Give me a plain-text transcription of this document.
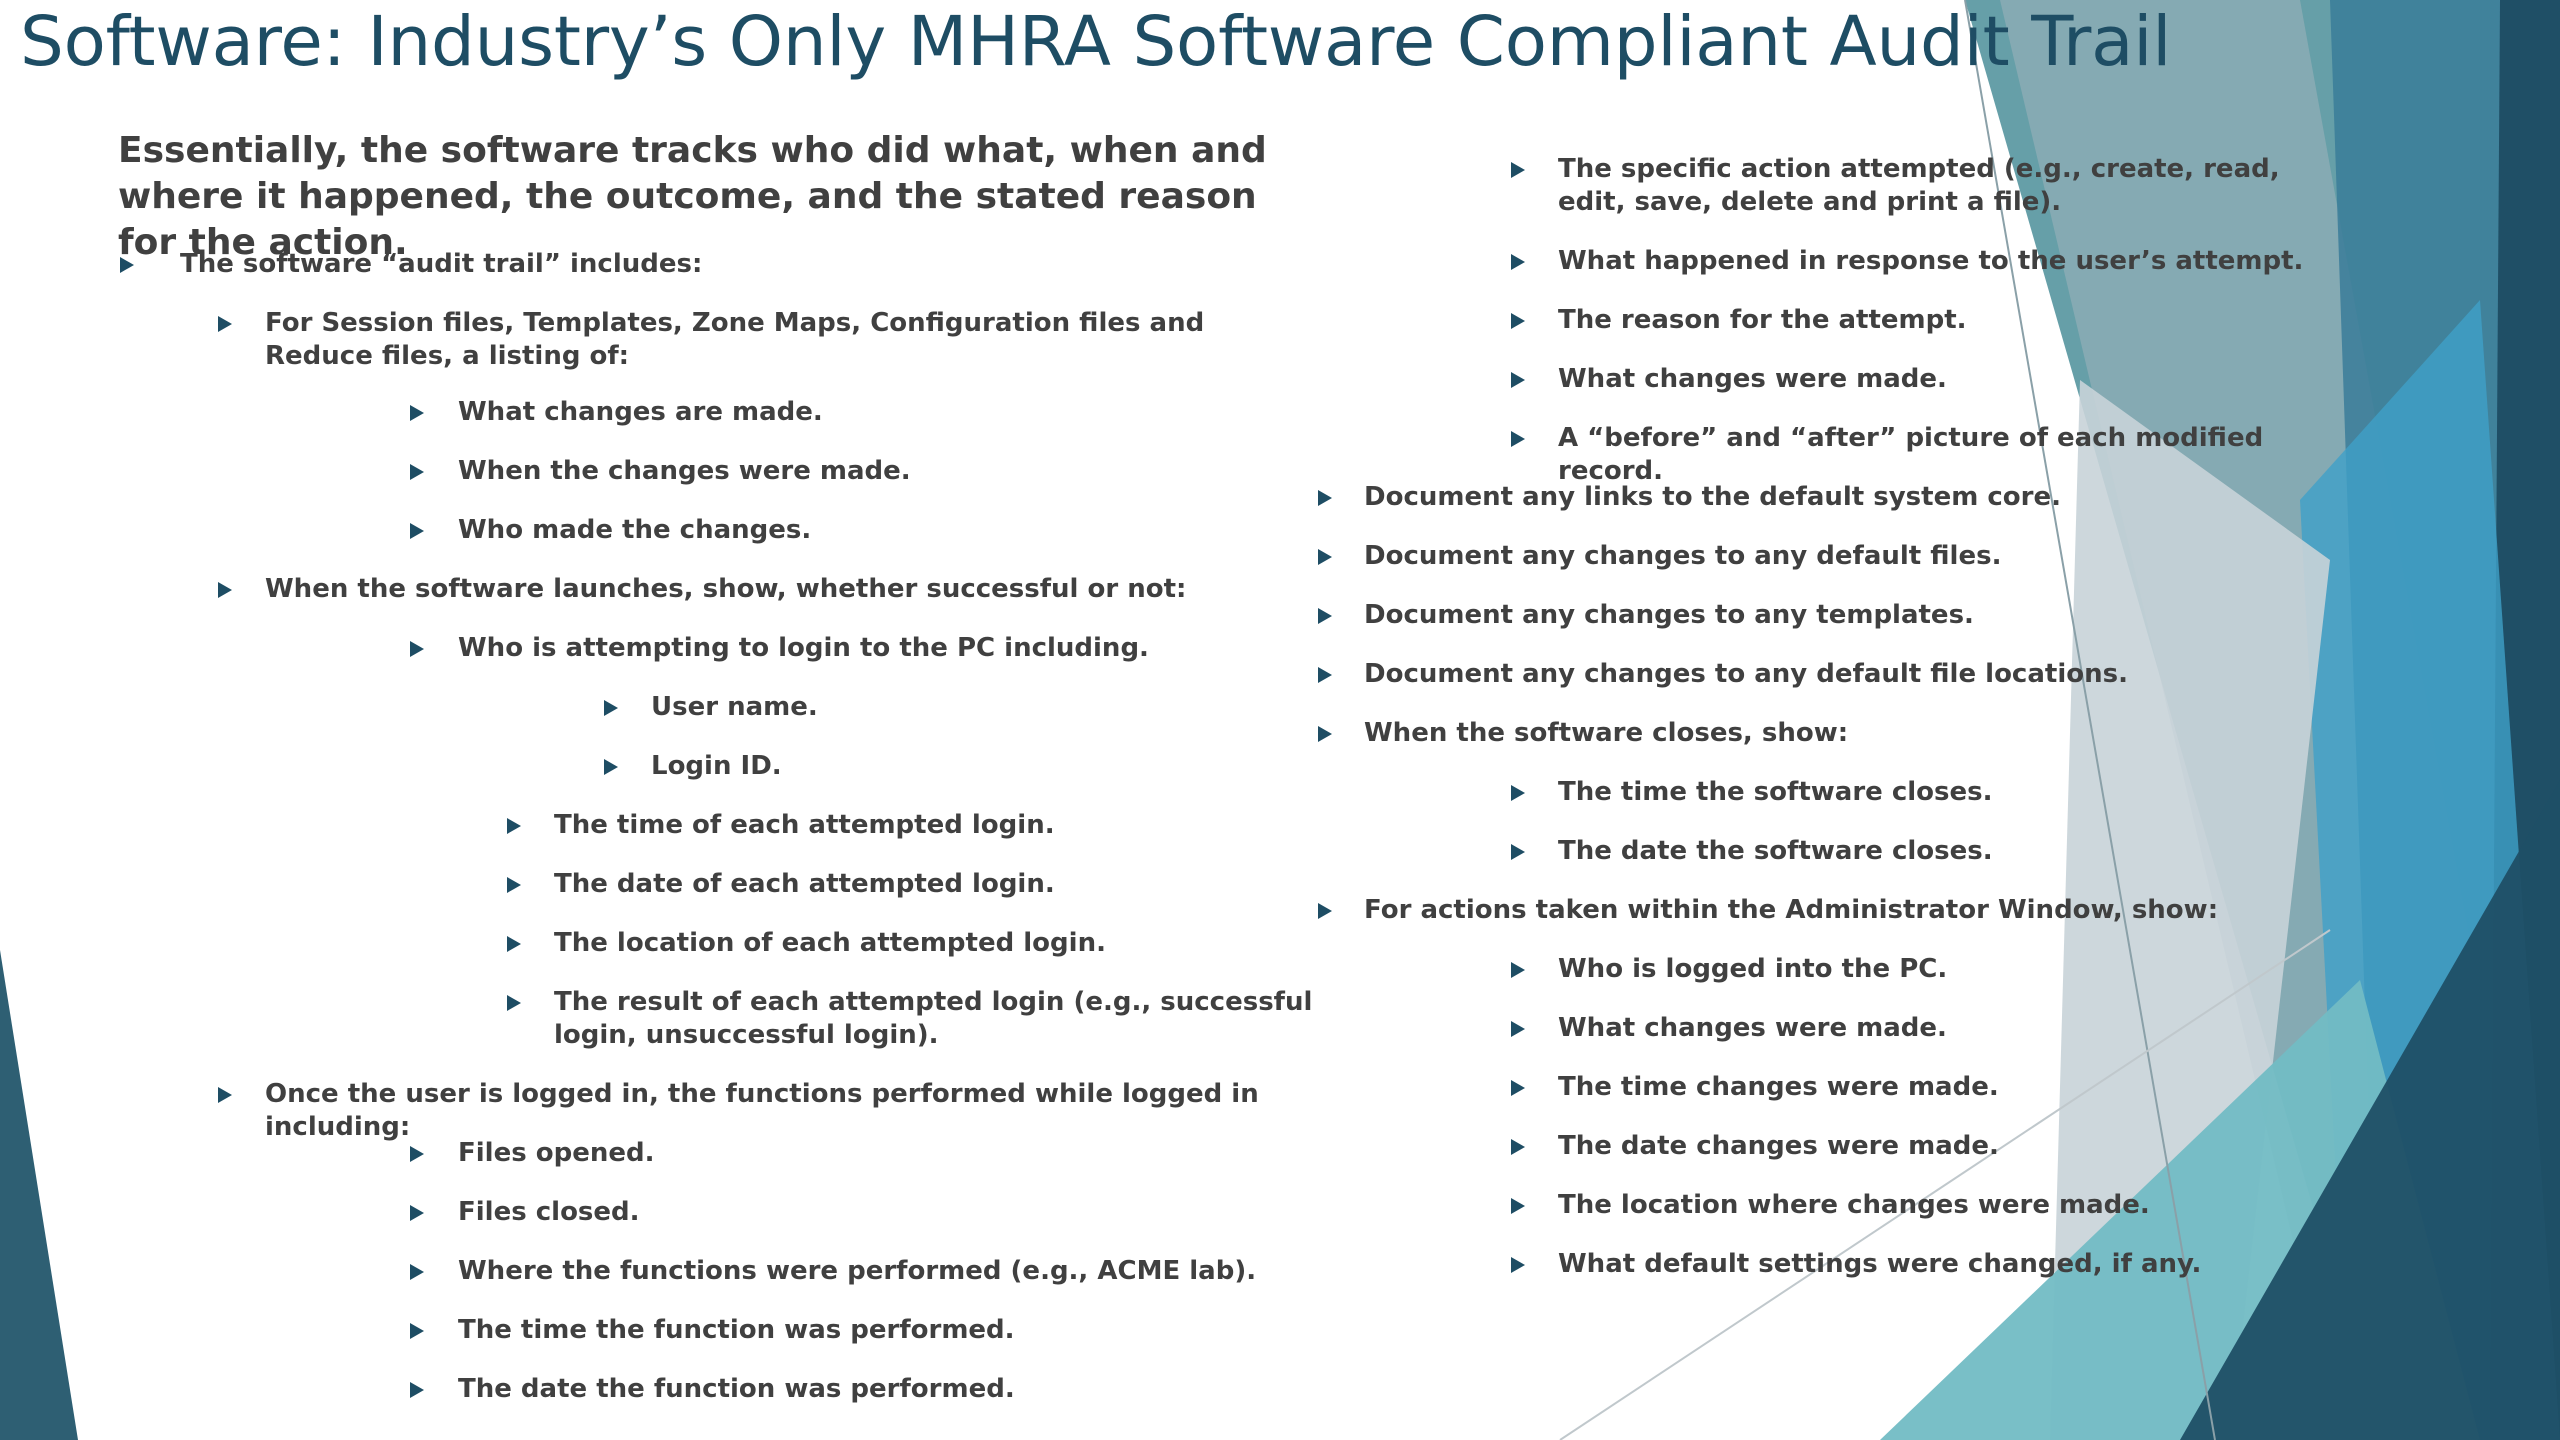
Software: Industry’s Only MHRA Software Compliant Audit Trail
Essentially, the software tracks who did what, when and where it happened, the outcome, and the stated reason for the action.
The software “audit trail” includes:
For Session files, Templates, Zone Maps, Configuration files and Reduce files, a listing of:
What changes are made.
When the changes were made.
Who made the changes.
When the software launches, show, whether successful or not:
Who is attempting to login to the PC including.
User name.
Login ID.
The time of each attempted login.
The date of each attempted login.
The location of each attempted login.
The result of each attempted login (e.g., successful login, unsuccessful login).
Once the user is logged in, the functions performed while logged in including:
Files opened.
Files closed.
Where the functions were performed (e.g., ACME lab).
The time the function was performed.
The date the function was performed.
The specific action attempted (e.g., create, read, edit, save, delete and print a file).
What happened in response to the user’s attempt.
The reason for the attempt.
What changes were made.
A “before” and “after” picture of each modified record.
Document any links to the default system core.
Document any changes to any default files.
Document any changes to any templates.
Document any changes to any default file locations.
When the software closes, show:
The time the software closes.
The date the software closes.
For actions taken within the Administrator Window, show:
Who is logged into the PC.
What changes were made.
The time changes were made.
The date changes were made.
The location where changes were made.
What default settings were changed, if any.
